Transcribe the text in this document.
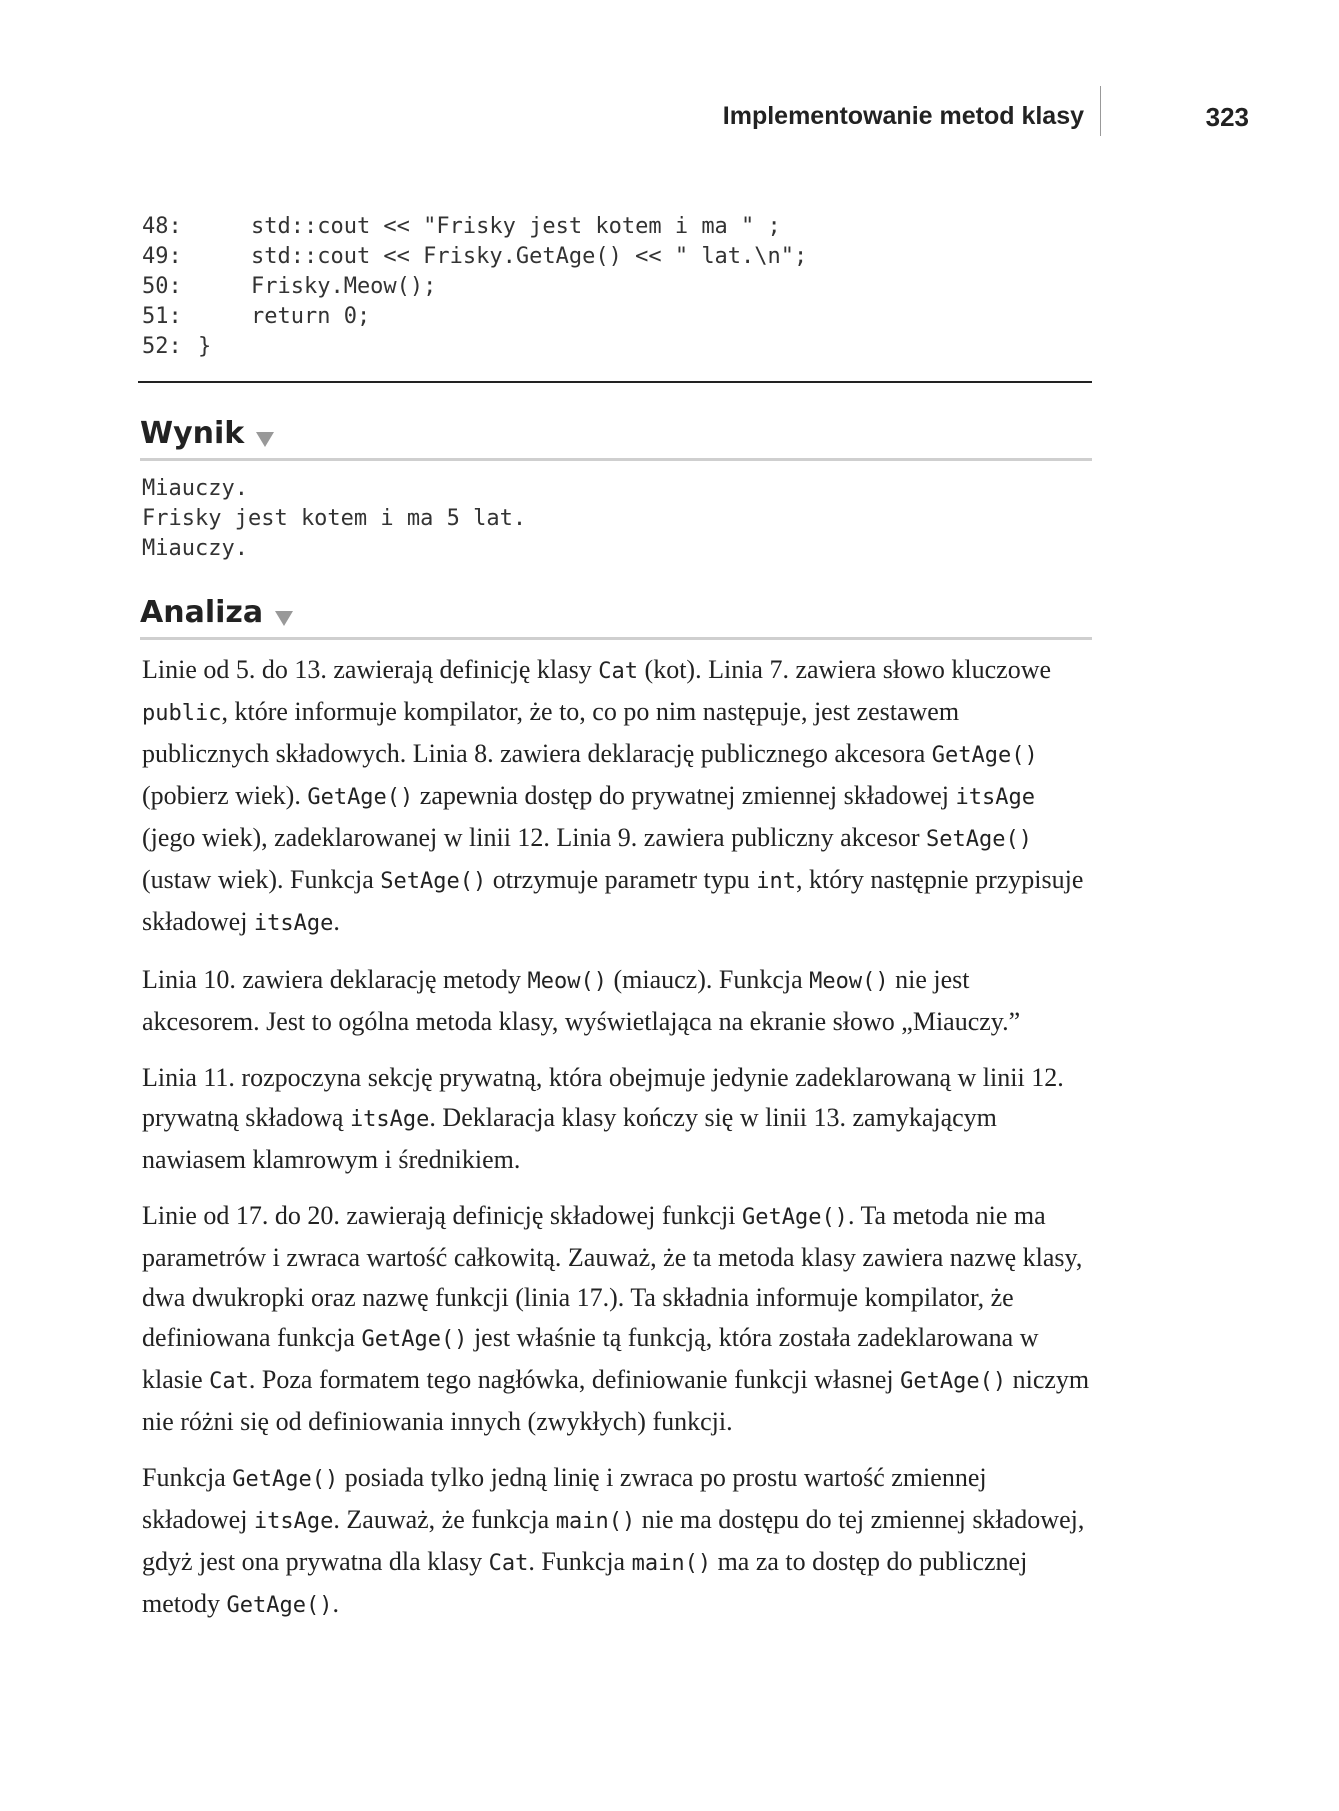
Implementowanie metod klasy	323
48:    std::cout << "Frisky jest kotem i ma " ;
49:    std::cout << Frisky.GetAge() << " lat.\n";
50:    Frisky.Meow();
51:    return 0;
52: }
Wynik
Miauczy.
Frisky jest kotem i ma 5 lat.
Miauczy.
Analiza

Linie od 5. do 13. zawierają definicję klasy Cat (kot). Linia 7. zawiera słowo kluczowe public, które informuje kompilator, że to, co po nim następuje, jest zestawem publicznych składowych. Linia 8. zawiera deklarację publicznego akcesora GetAge() (pobierz wiek). GetAge() zapewnia dostęp do prywatnej zmiennej składowej itsAge (jego wiek), zadeklarowanej w linii 12. Linia 9. zawiera publiczny akcesor SetAge() (ustaw wiek). Funkcja SetAge() otrzymuje parametr typu int, który następnie przypisuje składowej itsAge.

Linia 10. zawiera deklarację metody Meow() (miaucz). Funkcja Meow() nie jest akcesorem. Jest to ogólna metoda klasy, wyświetlająca na ekranie słowo „Miauczy.”

Linia 11. rozpoczyna sekcję prywatną, która obejmuje jedynie zadeklarowaną w linii 12. prywatną składową itsAge. Deklaracja klasy kończy się w linii 13. zamykającym nawiasem klamrowym i średnikiem.

Linie od 17. do 20. zawierają definicję składowej funkcji GetAge(). Ta metoda nie ma parametrów i zwraca wartość całkowitą. Zauważ, że ta metoda klasy zawiera nazwę klasy, dwa dwukropki oraz nazwę funkcji (linia 17.). Ta składnia informuje kompilator, że definiowana funkcja GetAge() jest właśnie tą funkcją, która została zadeklarowana w klasie Cat. Poza formatem tego nagłówka, definiowanie funkcji własnej GetAge() niczym nie różni się od definiowania innych (zwykłych) funkcji.

Funkcja GetAge() posiada tylko jedną linię i zwraca po prostu wartość zmiennej składowej itsAge. Zauważ, że funkcja main() nie ma dostępu do tej zmiennej składowej, gdyż jest ona prywatna dla klasy Cat. Funkcja main() ma za to dostęp do publicznej metody GetAge().
